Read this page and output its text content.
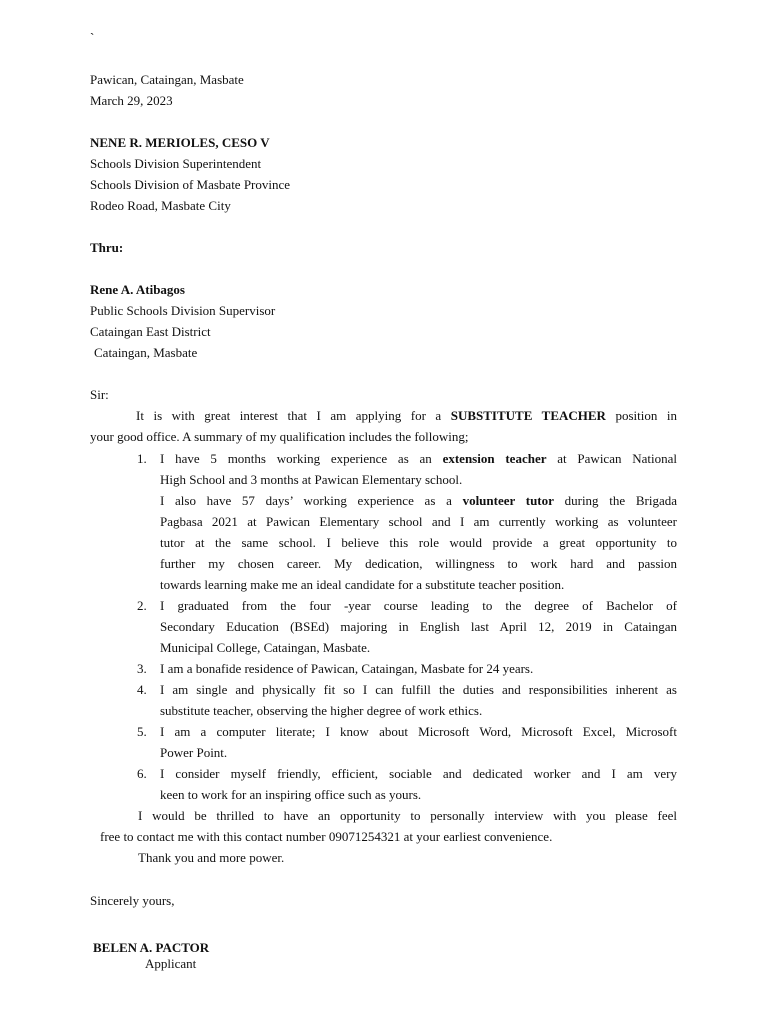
`
Pawican, Cataingan, Masbate
March 29, 2023
NENE R. MERIOLES, CESO V
Schools Division Superintendent
Schools Division of Masbate Province
Rodeo Road, Masbate City
Thru:
Rene A. Atibagos
Public Schools Division Supervisor
Cataingan East District
Cataingan, Masbate
Sir:
It is with great interest that I am applying for a SUBSTITUTE TEACHER position in
your good office. A summary of my qualification includes the following;
1. I have 5 months working experience as an extension teacher at Pawican National
High School and 3 months at Pawican Elementary school.
I also have 57 days’ working experience as a volunteer tutor during the Brigada
Pagbasa 2021 at Pawican Elementary school and I am currently working as volunteer
tutor at the same school. I believe this role would provide a great opportunity to
further my chosen career. My dedication, willingness to work hard and passion
towards learning make me an ideal candidate for a substitute teacher position.
2. I graduated from the four -year course leading to the degree of Bachelor of
Secondary Education (BSEd) majoring in English last April 12, 2019 in Cataingan
Municipal College, Cataingan, Masbate.
3. I am a bonafide residence of Pawican, Cataingan, Masbate for 24 years.
4. I am single and physically fit so I can fulfill the duties and responsibilities inherent as
substitute teacher, observing the higher degree of work ethics.
5. I am a computer literate; I know about Microsoft Word, Microsoft Excel, Microsoft
Power Point.
6. I consider myself friendly, efficient, sociable and dedicated worker and I am very
keen to work for an inspiring office such as yours.
I would be thrilled to have an opportunity to personally interview with you please feel
free to contact me with this contact number 09071254321 at your earliest convenience.
Thank you and more power.
Sincerely yours,
BELEN A. PACTOR
Applicant
